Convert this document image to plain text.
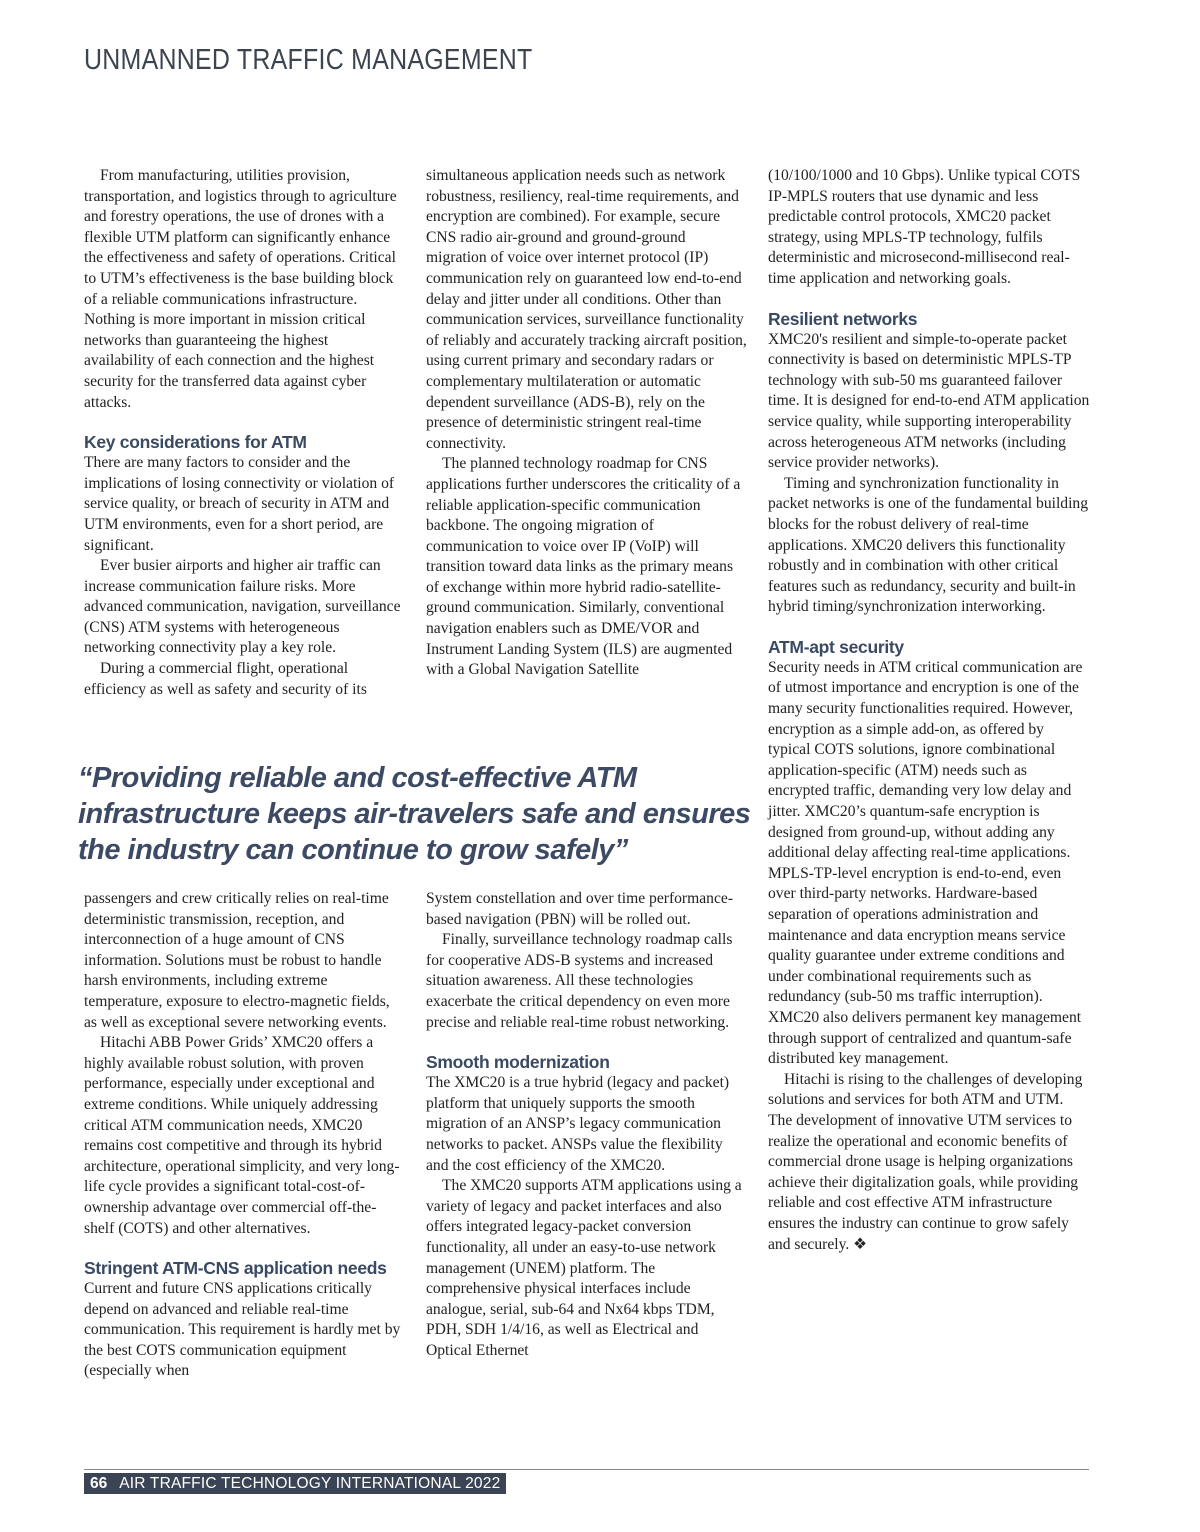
UNMANNED TRAFFIC MANAGEMENT

From manufacturing, utilities provision, transportation, and logistics through to agriculture and forestry operations, the use of drones with a flexible UTM platform can significantly enhance the effectiveness and safety of operations. Critical to UTM’s effectiveness is the base building block of a reliable communications infrastructure. Nothing is more important in mission critical networks than guaranteeing the highest availability of each connection and the highest security for the transferred data against cyber attacks.

Key considerations for ATM

There are many factors to consider and the implications of losing connectivity or violation of service quality, or breach of security in ATM and UTM environments, even for a short period, are significant.

Ever busier airports and higher air traffic can increase communication failure risks. More advanced communication, navigation, surveillance (CNS) ATM systems with heterogeneous networking connectivity play a key role.

During a commercial flight, operational efficiency as well as safety and security of its

simultaneous application needs such as network robustness, resiliency, real-time requirements, and encryption are combined). For example, secure CNS radio air-ground and ground-ground migration of voice over internet protocol (IP) communication rely on guaranteed low end-to-end delay and jitter under all conditions. Other than communication services, surveillance functionality of reliably and accurately tracking aircraft position, using current primary and secondary radars or complementary multilateration or automatic dependent surveillance (ADS-B), rely on the presence of deterministic stringent real-time connectivity.

The planned technology roadmap for CNS applications further underscores the criticality of a reliable application-specific communication backbone. The ongoing migration of communication to voice over IP (VoIP) will transition toward data links as the primary means of exchange within more hybrid radio-satellite-ground communication. Similarly, conventional navigation enablers such as DME/VOR and Instrument Landing System (ILS) are augmented with a Global Navigation Satellite

(10/100/1000 and 10 Gbps). Unlike typical COTS IP-MPLS routers that use dynamic and less predictable control protocols, XMC20 packet strategy, using MPLS-TP technology, fulfils deterministic and microsecond-millisecond real-time application and networking goals.

Resilient networks

XMC20's resilient and simple-to-operate packet connectivity is based on deterministic MPLS-TP technology with sub-50 ms guaranteed failover time. It is designed for end-to-end ATM application service quality, while supporting interoperability across heterogeneous ATM networks (including service provider networks).

Timing and synchronization functionality in packet networks is one of the fundamental building blocks for the robust delivery of real-time applications. XMC20 delivers this functionality robustly and in combination with other critical features such as redundancy, security and built-in hybrid timing/synchronization interworking.

ATM-apt security

Security needs in ATM critical communication are of utmost importance and encryption is one of the many security functionalities required. However, encryption as a simple add-on, as offered by typical COTS solutions, ignore combinational application-specific (ATM) needs such as encrypted traffic, demanding very low delay and jitter. XMC20’s quantum-safe encryption is designed from ground-up, without adding any additional delay affecting real-time applications. MPLS-TP-level encryption is end-to-end, even over third-party networks. Hardware-based separation of operations administration and maintenance and data encryption means service quality guarantee under extreme conditions and under combinational requirements such as redundancy (sub-50 ms traffic interruption). XMC20 also delivers permanent key management through support of centralized and quantum-safe distributed key management.

Hitachi is rising to the challenges of developing solutions and services for both ATM and UTM. The development of innovative UTM services to realize the operational and economic benefits of commercial drone usage is helping organizations achieve their digitalization goals, while providing reliable and cost effective ATM infrastructure ensures the industry can continue to grow safely and securely. ❖

“Providing reliable and cost-effective ATM infrastructure keeps air-travelers safe and ensures the industry can continue to grow safely”

passengers and crew critically relies on real-time deterministic transmission, reception, and interconnection of a huge amount of CNS information. Solutions must be robust to handle harsh environments, including extreme temperature, exposure to electro-magnetic fields, as well as exceptional severe networking events.

Hitachi ABB Power Grids’ XMC20 offers a highly available robust solution, with proven performance, especially under exceptional and extreme conditions. While uniquely addressing critical ATM communication needs, XMC20 remains cost competitive and through its hybrid architecture, operational simplicity, and very long-life cycle provides a significant total-cost-of-ownership advantage over commercial off-the-shelf (COTS) and other alternatives.

Stringent ATM-CNS application needs

Current and future CNS applications critically depend on advanced and reliable real-time communication. This requirement is hardly met by the best COTS communication equipment (especially when

System constellation and over time performance-based navigation (PBN) will be rolled out.

Finally, surveillance technology roadmap calls for cooperative ADS-B systems and increased situation awareness. All these technologies exacerbate the critical dependency on even more precise and reliable real-time robust networking.

Smooth modernization

The XMC20 is a true hybrid (legacy and packet) platform that uniquely supports the smooth migration of an ANSP’s legacy communication networks to packet. ANSPs value the flexibility and the cost efficiency of the XMC20.

The XMC20 supports ATM applications using a variety of legacy and packet interfaces and also offers integrated legacy-packet conversion functionality, all under an easy-to-use network management (UNEM) platform. The comprehensive physical interfaces include analogue, serial, sub-64 and Nx64 kbps TDM, PDH, SDH 1/4/16, as well as Electrical and Optical Ethernet

66 AIR TRAFFIC TECHNOLOGY INTERNATIONAL 2022
